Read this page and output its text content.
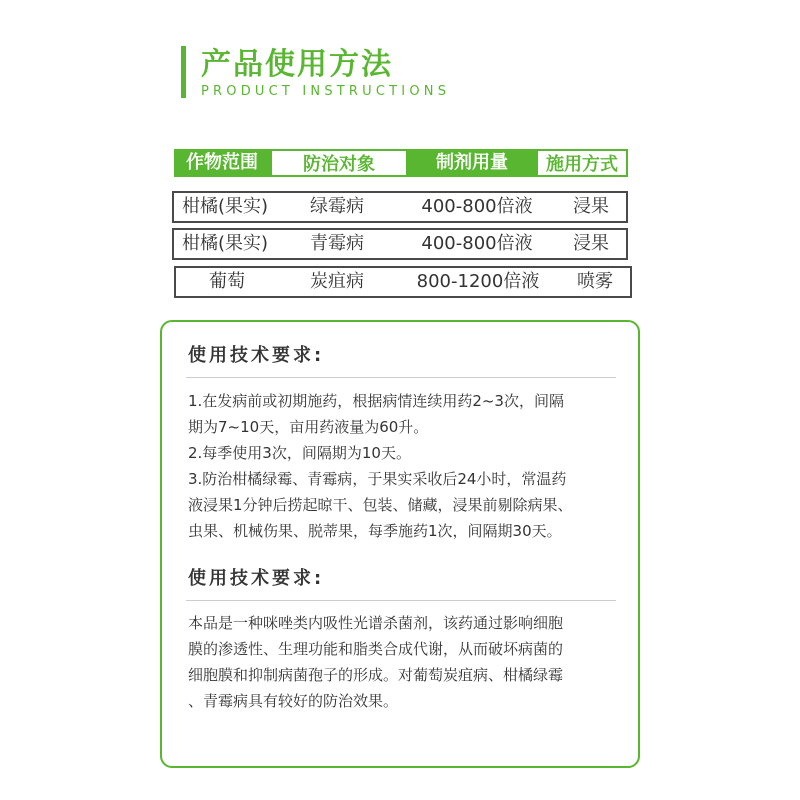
产品使用方法
PRODUCT INSTRUCTIONS
作物范围	防治对象	制剂用量	施用方式
柑橘(果实)	绿霉病	400-800倍液	浸果
柑橘(果实)	青霉病	400-800倍液	浸果
葡萄	炭疽病	800-1200倍液	喷雾
使用技术要求:
1.在发病前或初期施药，根据病情连续用药2~3次，间隔
期为7~10天，亩用药液量为60升。
2.每季使用3次，间隔期为10天。
3.防治柑橘绿霉、青霉病，于果实采收后24小时，常温药
液浸果1分钟后捞起晾干、包装、储藏，浸果前剔除病果、
虫果、机械伤果、脱蒂果，每季施药1次，间隔期30天。
使用技术要求:
本品是一种咪唑类内吸性光谱杀菌剂，该药通过影响细胞
膜的渗透性、生理功能和脂类合成代谢，从而破坏病菌的
细胞膜和抑制病菌孢子的形成。对葡萄炭疽病、柑橘绿霉
、青霉病具有较好的防治效果。
